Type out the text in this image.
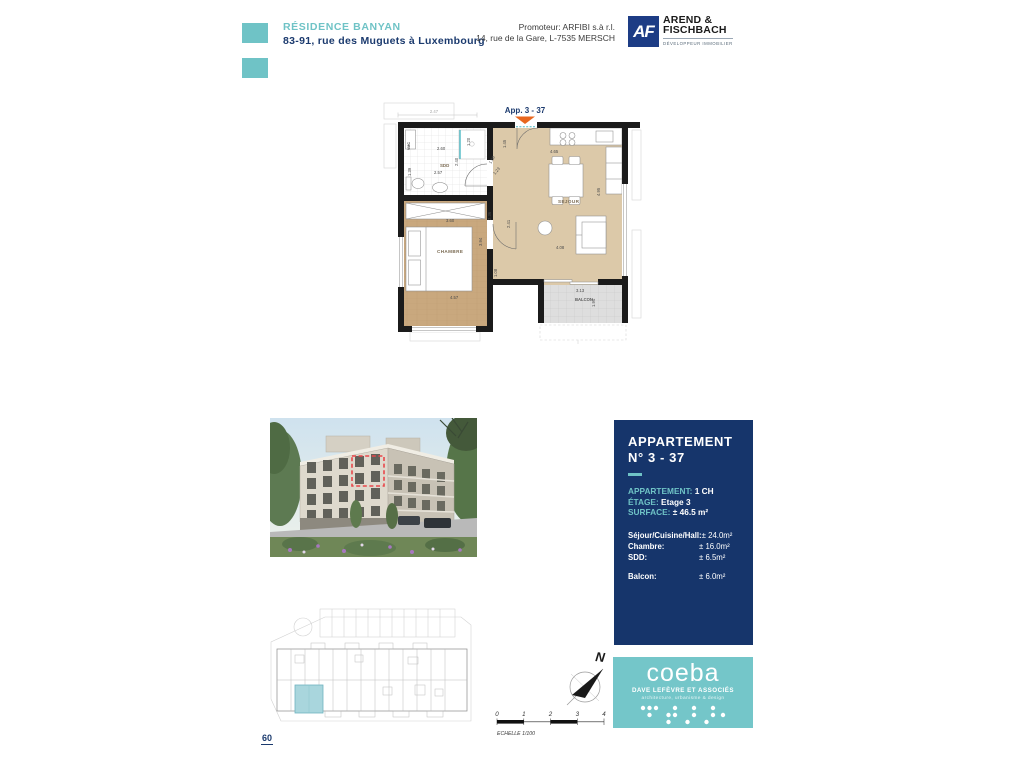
RÉSIDENCE BANYAN
83-91, rue des Muguets à Luxembourg
Promoteur: ARFIBI s.à r.l.
14, rue de la Gare, L-7535 MERSCH	AF
AREND &
FISCHBACH
DÉVELOPPEUR IMMOBILIER
App. 3 - 37
2.47
SDD
SEJOUR
CHAMBRE
BALCON
VMC	1.45
4.65
4.95
2.60
1.20
2.40
2.57
1.39	1.23
1.08
2.41
4.08
3.60
3.94
2.36
4.57
1.08
3.13
1.94
APPARTEMENT
N° 3 - 37
APPARTEMENT: 1 CH
ÉTAGE: Etage 3
SURFACE: ± 46.5 m²
Séjour/Cuisine/Hall: ± 24.0m²
Chambre:	± 16.0m²
SDD:	± 6.5m²
Balcon:	± 6.0m²
N
0	1	2	3	4
ECHELLE 1/100
coeba
DAVE LEFÈVRE ET ASSOCIÉS
architecture, urbanisme & design
60
